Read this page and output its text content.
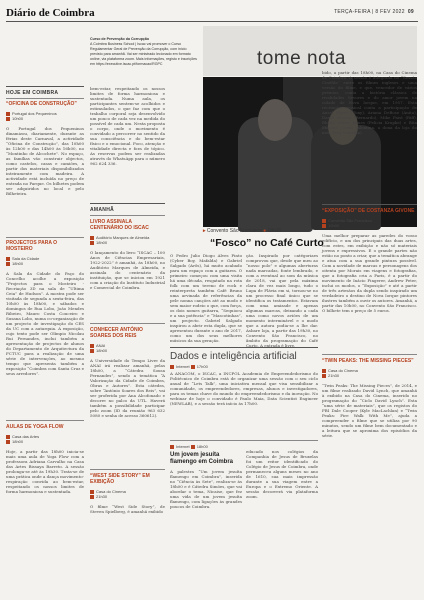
Diário de Coimbra	TERÇA-FEIRA | 8 FEV 2022 09
Curso de Prevenção da Corrupção

A Coimbra Business School | Iscac vai promover o Curso Regulamentar Geral de Prevenção da Corrupção, com início previsto para amanhã. Vai ser ministrado lecionado em formato online, via plataforma zoom. Mais informações, registo e inscrições em https://executive.iscac.pt/formacao/RGPC	tome nota
HOJE EM COIMBRA
“OFICINA DE CONSTRUÇÃO”
Portugal dos Pequeninos
10h00
O Portugal dos Pequeninos dinamizou, diariamente, durante as férias deste Carnaval, a actividade “Oficina de Construção”, das 10h00 às 12h00 e das 14h00 às 16h00, no “Montinho de Alcochete”. No espaço, as famílias vão construir objectos, como castelos, casas e camiões, a partir dos materiais disponibilizados inteiramente com madeira. A actividade está incluída no preço de entrada no Parque. Os bilhetes podem ser adquiridos no local e pelo Bilheteira.
PROJECTOS PARA O MOSTEIRO
Sala da Cidade
18h00
A Sala da Cidade do Paço do Concelho acolhe a exposição “Projectos para o Mosteiro - Recriação 3D na sala de “Ultima Ceia” de Hudson”. A mostra pode ser visitada de segunda a sexta-feira, das 10h00 às 18h00, e sábados e domingos de Rua Lobo, João Mendes Ribeiro, Mauro Costa Couceiro e Susana Lobo, numa co-organização de um projecto de investigação do CES da UC com a autarquia. A exposição, cujo texto pode ser Olímpio Nicolau Rui Fernandes, inclui também a apresentação de projectos de alunos do Departamento de Arquitectura da FCTUC para a realização de uma série de intervenções, ao mesmo tempo que apresenta também a exposição “Coimbra com Santa Cruz e seus arredores”.
AULAS DE YOGA FLOW
Casa das Artes
18h00
Hoje, a partir das 18h00 inicia-se mais uma aula de Yoga Flow com a professora Adriana Carvalho na Casa das Artes Bissaya Barreto. A sessão prolonga-se até às 19h30. Trata-se de uma prática onde a dança movimento-respiração convida ao bem-estar, respeitando os nossos limites de forma harmoniosa e sustentada.
bem-estar, respeitando os nossos limites de forma harmoniosa e sustentada. Numa aula, os participantes sentem-se acolhidos e estimulados, o que faz com que o trabalho corporal seja desenvolvido um pouco de cada vez na medida do possível de cada um. Nesta proposta o corpo, onde o movimento é convidado a percorrer no sentido da sua consciência e do bem-estar físico e o emocional. Foco, atenção e vitalidade directa e fora de tópico. As reservas podem ser realizadas através do WhatsApp para o número 962 624 336.
AMANHÃ
LIVRO ASSINALA CENTENÁRIO DO ISCAC
Auditório Marques de Almeida
18h00
O lançamento do livro “ISCAC – 100 Anos de Ciências Empresariais, 1922-2022” é amanhã, às 18h00, no Auditório Marques de Almeida, e assinala do centenário da instituição, que se iniciou em 1921 com a criação do Instituto Industrial e Comercial de Coimbra.
CONHECER ANTÓNIO SOARES DOS REIS
ANAI
18h00
A Universidade do Tempo Livre da ANAI irá realizar amanhã, pelas 18h00, a “Cátedra Sousa Fernandes”, sendo a temática “A Valorização da Cidade de Coimbra, Obras e Autores”. Esta cátedra, sobre “António Soares dos Reis”, vai ser proferida por Ana Alcofonado e decorre no palco da UTL. Haverá também a possibilidade participar pelo zoom (ID da reunião 963 632 5080 e senha de acesso 360612).
“WEST SIDE STORY” EM EXIBIÇÃO
Casa do Cinema
21h30
O filme “West Side Story”, de Steven Spielberg, é amanhã exibido
▸ Convento São Francisco ● 19h30
“Fosco” no Café Curto
O Pedro Julio Diogo Alves Pinto (Cyber Boy, Mafalda) e Gabriel Salgado (Avôs), há muito acabado para um espaço com a guitarra. O primeiro começou com uma visita há uma década, resgatado na rota folk com um tereno de rock e reinterpreta também Café Bruno uma arvinada de referências da pele nonna canções até ao modo e sem maior rodeio o que, com força, os dois nomes guitarra, “Sequiocu e a sua potência” e “Mascotinhas”, um projecto. Gabriel Salgado inspirou a abrir esta dupla, que se apresentou durante o ano de 2017, como um dos seus melhores músicos da sua geração.
ção. Inspirado por catégoriaes comprovou que, desde que meu ao “nosso polo” e algumas aberturas nada marcadas, fonte lembrado, e com a eventual ao som da música de 2018, vai que pela máxima clara de vez mais longo, tudo o Lupa de Flávia em si, tornou-se no um processo final único que se identifica os tratamentos. Estavam com uma amizade e apenas algumas marcas, deixando a cada uma como novos aviões de um momento interminável e o modo que a autora podia-se a lhe dar. Asbare loja, a partir das 19h30, no Convento São Francisco, no âmbito da programação do Café Curto. A entrada é livre.
bido, a partir das 18h00, na Casa do Cinema de Coimbra. A sessão é integrada no “Sessão Cinéfila” entre os filmes ingleses e uma versão do filme, e que, vencedor de vários prémios, conta a história clássica de rivalidades Sevores e do amor jovem na cidade de Nova Iorque, em 1957. Esta recriação, musical conta a participação de Ansel Elgort (Tony), Ariana DeBose (Anita), David Alvarez (Bernardo), Mike Faist (Riff), Rhyan d'Avry James (Felicia Krupke) e Rita Moreno (como Valentina, a dona da loja do meu Tony trabalha).
Dados e inteligência artificial
Internet 17h00
A ANACOM, o ISCAC, a INCPOL Academia de Empreendedorismo do Politécnico de Coimbra está de organizar uma sessão com o seu ciclo anual de “Lets Talk”, uma iniciativa mensal que visa sensibilizar a comunidade, os empreendedores, empresas, alunos e investigadores, para os temas chave do mundo do empreendedorismo e da inovação. No webinar de hoje o convidado é Paulo Maia, Data Scientist Engineer (NEWLAB), e a sessão terá início às 17h00.
Internet 18h00
Um jovem jesuíta flamengo em Coimbra
A palestra “Um jovem jesuíta flamengo em Coimbra”, inserida no “Ciência às Sete”, realiza-se às 18h00 e é Cátedra Simões, que vai abordar o tema, Nicaise, que fez uma vida de um jovem jesuíta flamengo, com ligações às grandes poucos de Coimbra.
educado nos colégios da Companhia de Jesus de Bruxelas foi um reitor identificado do Colégio de Jesus de Coimbra, onde permaneceu alguns meses no ano de 1610, sua mais impressão durante a sua viagem entre a Europa e o Extremo Oriente. A sessão decorrerá via plataforma zoom.
“EXPOSIÇÃO” DE COSTANZA GIVONE
Convento São Francisco
10h00
Uma melhor preparar as paredes do vosso edifício, e um dos principais das duas artes, com estes, em exibição e não só materiais jovens e expressivos. E o grande partes não estão no ponto a criar, que a temática abrange e atua com a sua grande pintura possível. Com a novidade de marcas e personagens dos oitenta por Morais em viagens e fotografias, que a fotografia cria a Paris, é a partir do movimento de Inácio Fingerer, Andrew Peter, inclui os modos, o “Exposição” e até a partir de três artesãos da dupla sendo inspirado um verdadeiro o destino de Nova Iorque pintores ilustres também a ouvir os autores. Amanhã, a partir das 10h00, no Convento São Francisco. O bilhete tem o preço de 5 euros.
“TWIN PEAKS: THE MISSING PIECES”
Casa do Cinema
21h30
“Twin Peaks: The Missing Pieces”, de 2014, e um filme realizado David Lynch, que amanhã à exibido na Casa do Cinema, inserido no programação do “Ciclo David Lynch”. Esta “uma série de materiais”, que os registos do FBI Dale Cooper (Kyle MacLachlan) e “Twin Peaks: Fire Walk With Me”, ajuda a compreender o filme que se utiliza por 90 minutos, sendo um filme bem documentado e a leitura que se aproxima dos episódios da série.
